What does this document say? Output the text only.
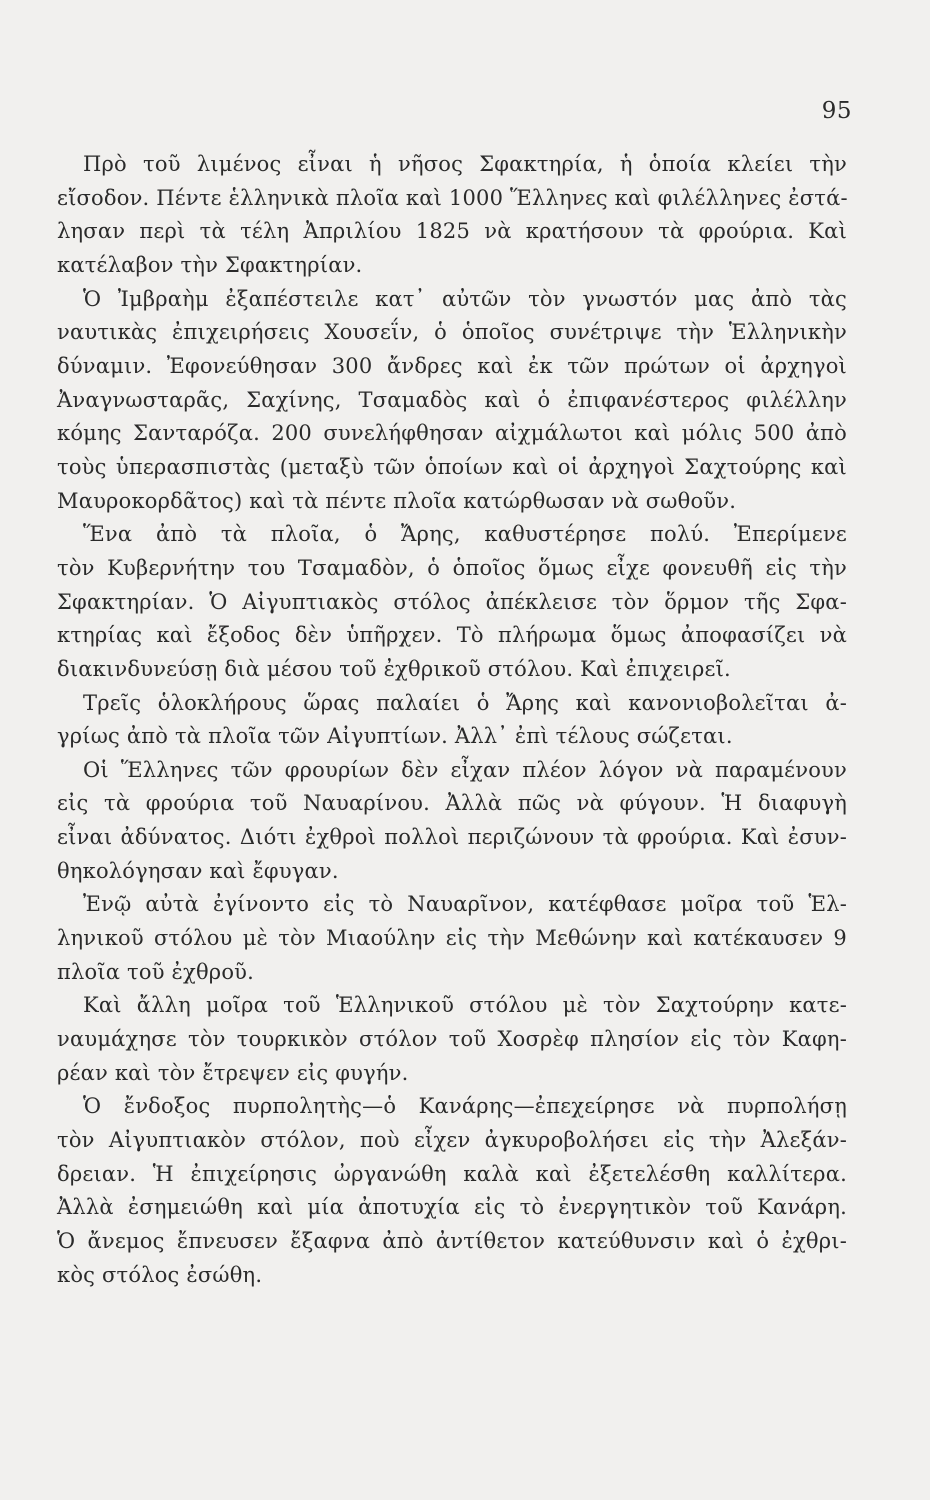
95
Πρὸ τοῦ λιμένος εἶναι ἡ νῆσος Σφακτηρία, ἡ ὁποία κλείει τὴν
εἴσοδον. Πέντε ἑλληνικὰ πλοῖα καὶ 1000 Ἕλληνες καὶ φιλέλληνες ἐστά-
λησαν περὶ τὰ τέλη Ἀπριλίου 1825 νὰ κρατήσουν τὰ φρούρια. Καὶ
κατέλαβον τὴν Σφακτηρίαν.
Ὁ Ἰμβραὴμ ἐξαπέστειλε κατ᾽ αὐτῶν τὸν γνωστόν μας ἀπὸ τὰς
ναυτικὰς ἐπιχειρήσεις Χουσεΐν, ὁ ὁποῖος συνέτριψε τὴν Ἑλληνικὴν
δύναμιν. Ἐφονεύθησαν 300 ἄνδρες καὶ ἐκ τῶν πρώτων οἱ ἀρχηγοὶ
Ἀναγνωσταρᾶς, Σαχίνης, Τσαμαδὸς καὶ ὁ ἐπιφανέστερος φιλέλλην
κόμης Σανταρόζα. 200 συνελήφθησαν αἰχμάλωτοι καὶ μόλις 500 ἀπὸ
τοὺς ὑπερασπιστὰς (μεταξὺ τῶν ὁποίων καὶ οἱ ἀρχηγοὶ Σαχτούρης καὶ
Μαυροκορδᾶτος) καὶ τὰ πέντε πλοῖα κατώρθωσαν νὰ σωθοῦν.
Ἕνα ἀπὸ τὰ πλοῖα, ὁ Ἄρης, καθυστέρησε πολύ. Ἐπερίμενε
τὸν Κυβερνήτην του Τσαμαδὸν, ὁ ὁποῖος ὅμως εἶχε φονευθῆ εἰς τὴν
Σφακτηρίαν. Ὁ Αἰγυπτιακὸς στόλος ἀπέκλεισε τὸν ὅρμον τῆς Σφα-
κτηρίας καὶ ἔξοδος δὲν ὑπῆρχεν. Τὸ πλήρωμα ὅμως ἀποφασίζει νὰ
διακινδυνεύσῃ διὰ μέσου τοῦ ἐχθρικοῦ στόλου. Καὶ ἐπιχειρεῖ.
Τρεῖς ὁλοκλήρους ὥρας παλαίει ὁ Ἄρης καὶ κανονιοβολεῖται ἀ-
γρίως ἀπὸ τὰ πλοῖα τῶν Αἰγυπτίων. Ἀλλ᾽ ἐπὶ τέλους σώζεται.
Οἱ Ἕλληνες τῶν φρουρίων δὲν εἶχαν πλέον λόγον νὰ παραμένουν
εἰς τὰ φρούρια τοῦ Ναυαρίνου. Ἀλλὰ πῶς νὰ φύγουν. Ἡ διαφυγὴ
εἶναι ἀδύνατος. Διότι ἐχθροὶ πολλοὶ περιζώνουν τὰ φρούρια. Καὶ ἐσυν-
θηκολόγησαν καὶ ἔφυγαν.
Ἐνῷ αὐτὰ ἐγίνοντο εἰς τὸ Ναυαρῖνον, κατέφθασε μοῖρα τοῦ Ἑλ-
ληνικοῦ στόλου μὲ τὸν Μιαούλην εἰς τὴν Μεθώνην καὶ κατέκαυσεν 9
πλοῖα τοῦ ἐχθροῦ.
Καὶ ἄλλη μοῖρα τοῦ Ἑλληνικοῦ στόλου μὲ τὸν Σαχτούρην κατε-
ναυμάχησε τὸν τουρκικὸν στόλον τοῦ Χοσρὲφ πλησίον εἰς τὸν Καφη-
ρέαν καὶ τὸν ἔτρεψεν εἰς φυγήν.
Ὁ ἔνδοξος πυρπολητὴς—ὁ Κανάρης—ἐπεχείρησε νὰ πυρπολήσῃ
τὸν Αἰγυπτιακὸν στόλον, ποὺ εἶχεν ἀγκυροβολήσει εἰς τὴν Ἀλεξάν-
δρειαν. Ἡ ἐπιχείρησις ὠργανώθη καλὰ καὶ ἐξετελέσθη καλλίτερα.
Ἀλλὰ ἐσημειώθη καὶ μία ἀποτυχία εἰς τὸ ἐνεργητικὸν τοῦ Κανάρη.
Ὁ ἄνεμος ἔπνευσεν ἔξαφνα ἀπὸ ἀντίθετον κατεύθυνσιν καὶ ὁ ἐχθρι-
κὸς στόλος ἐσώθη.
